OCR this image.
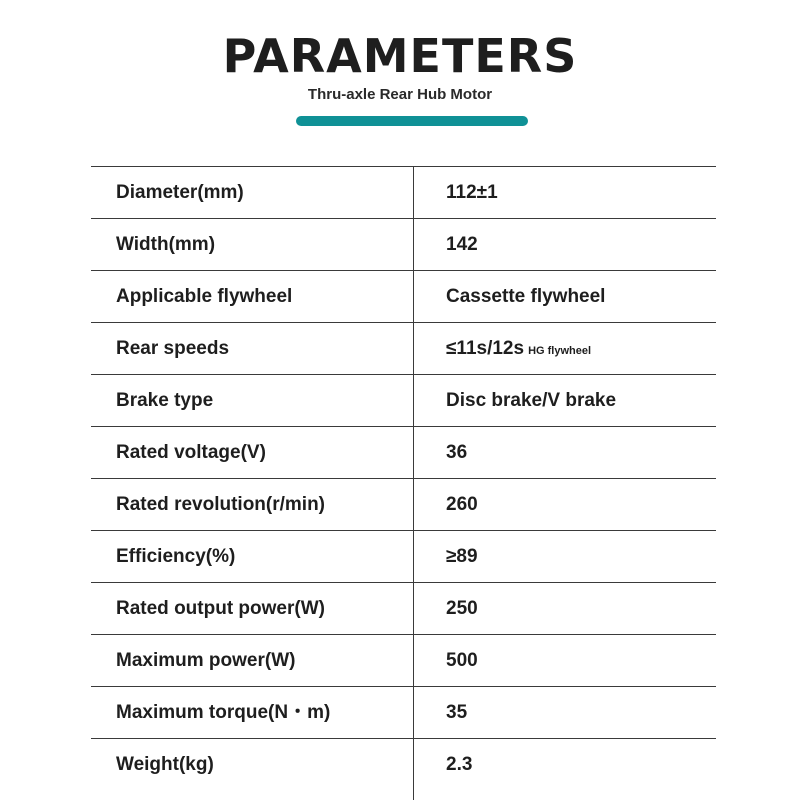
PARAMETERS
Thru-axle Rear Hub Motor
Diameter(mm)	112±1
Width(mm)	142
Applicable flywheel	Cassette flywheel
Rear speeds	≤11s/12s HG flywheel
Brake type	Disc brake/V brake
Rated voltage(V)	36
Rated revolution(r/min)	260
Efficiency(%)	≥89
Rated output power(W)	250
Maximum power(W)	500
Maximum torque(N・m)	35
Weight(kg)	2.3
